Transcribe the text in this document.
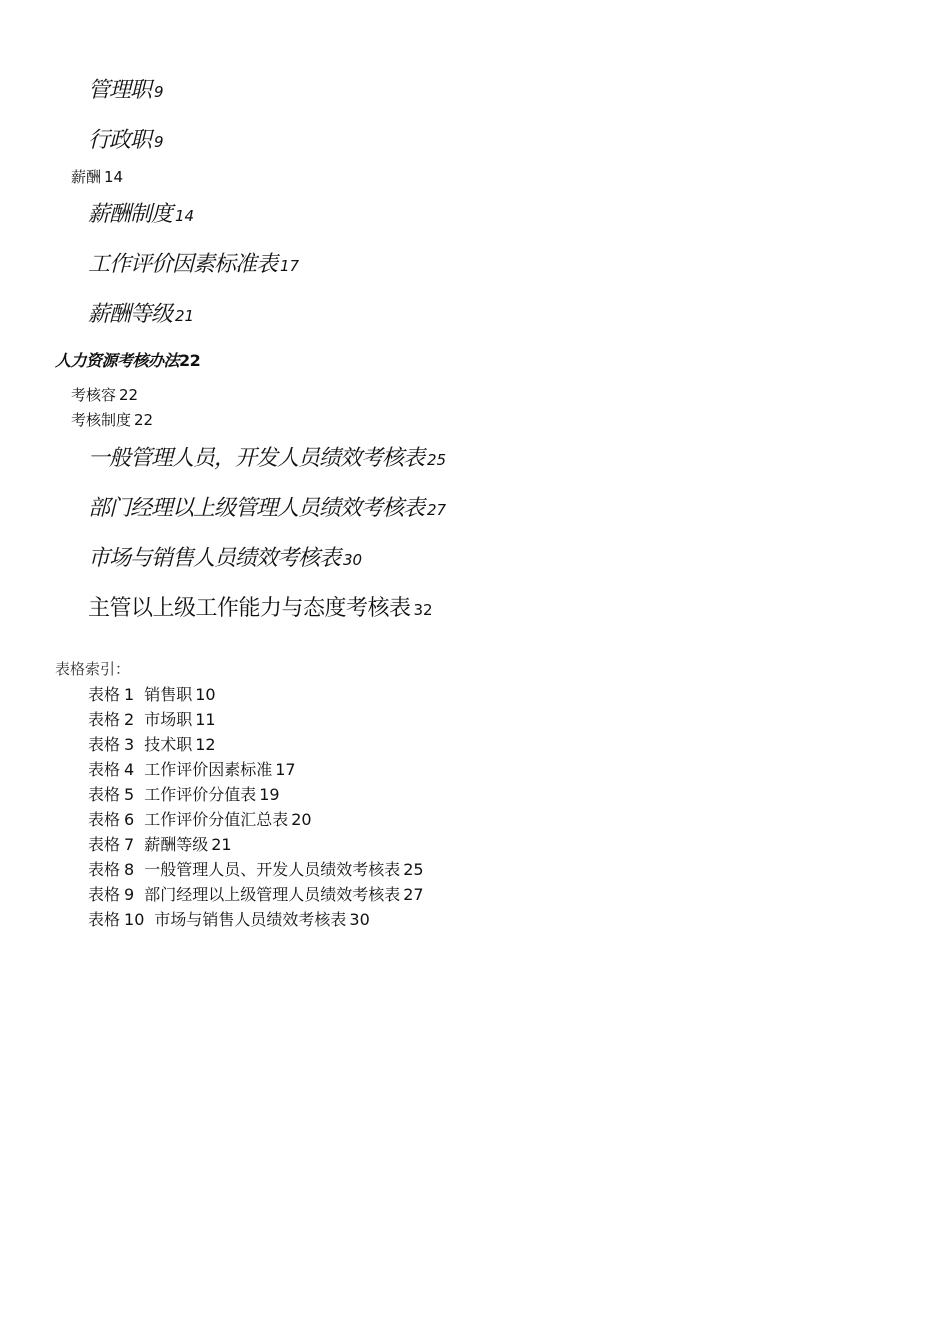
管理职 9
行政职 9
薪酬 14
薪酬制度 14
工作评价因素标准表 17
薪酬等级 21
人力资源考核办法22
考核容 22
考核制度 22
一般管理人员，开发人员绩效考核表 25
部门经理以上级管理人员绩效考核表 27
市场与销售人员绩效考核表 30
主管以上级工作能力与态度考核表 32
表格索引：
表格 1 销售职 10
表格 2 市场职 11
表格 3 技术职 12
表格 4 工作评价因素标准 17
表格 5 工作评价分值表 19
表格 6 工作评价分值汇总表 20
表格 7 薪酬等级 21
表格 8 一般管理人员、开发人员绩效考核表 25
表格 9 部门经理以上级管理人员绩效考核表 27
表格 10 市场与销售人员绩效考核表 30
